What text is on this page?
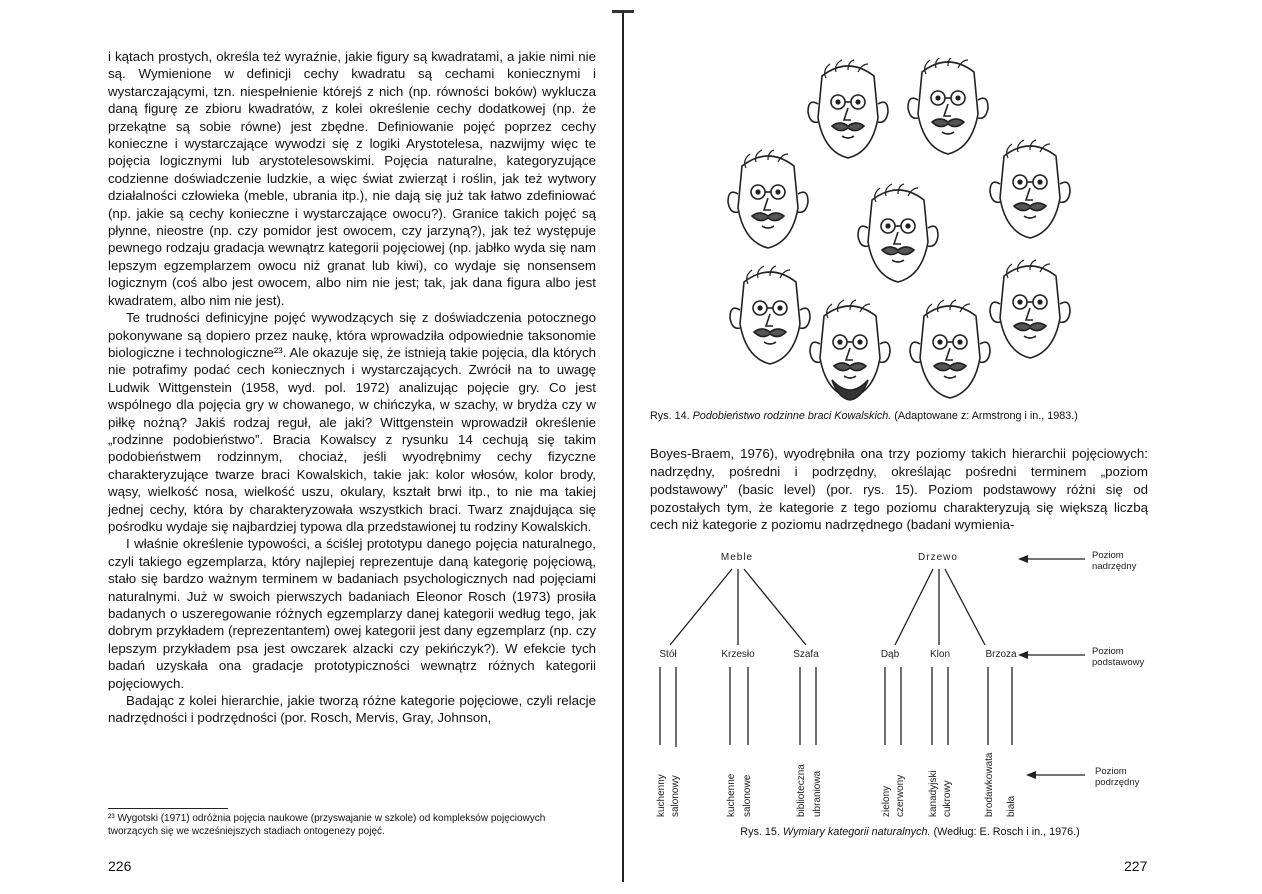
i kątach prostych, określa też wyraźnie, jakie figury są kwadratami, a jakie nimi nie są. Wymienione w definicji cechy kwadratu są cechami koniecznymi i wystarczającymi, tzn. niespełnienie którejś z nich (np. równości boków) wyklucza daną figurę ze zbioru kwadratów, z kolei określenie cechy dodatkowej (np. że przekątne są sobie równe) jest zbędne. Definiowanie pojęć poprzez cechy konieczne i wystarczające wywodzi się z logiki Arystotelesa, nazwijmy więc te pojęcia logicznymi lub arystotelesowskimi. Pojęcia naturalne, kategoryzujące codzienne doświadczenie ludzkie, a więc świat zwierząt i roślin, jak też wytwory działalności człowieka (meble, ubrania itp.), nie dają się już tak łatwo zdefiniować (np. jakie są cechy konieczne i wystarczające owocu?). Granice takich pojęć są płynne, nieostre (np. czy pomidor jest owocem, czy jarzyną?), jak też występuje pewnego rodzaju gradacja wewnątrz kategorii pojęciowej (np. jabłko wyda się nam lepszym egzemplarzem owocu niż granat lub kiwi), co wydaje się nonsensem logicznym (coś albo jest owocem, albo nim nie jest; tak, jak dana figura albo jest kwadratem, albo nim nie jest).

Te trudności definicyjne pojęć wywodzących się z doświadczenia potocznego pokonywane są dopiero przez naukę, która wprowadziła odpowiednie taksonomie biologiczne i technologiczne²³. Ale okazuje się, że istnieją takie pojęcia, dla których nie potrafimy podać cech koniecznych i wystarczających. Zwrócił na to uwagę Ludwik Wittgenstein (1958, wyd. pol. 1972) analizując pojęcie gry. Co jest wspólnego dla pojęcia gry w chowanego, w chińczyka, w szachy, w brydża czy w piłkę nożną? Jakiś rodzaj reguł, ale jaki? Wittgenstein wprowadził określenie „rodzinne podobieństwo”. Bracia Kowalscy z rysunku 14 cechują się takim podobieństwem rodzinnym, chociaż, jeśli wyodrębnimy cechy fizyczne charakteryzujące twarze braci Kowalskich, takie jak: kolor włosów, kolor brody, wąsy, wielkość nosa, wielkość uszu, okulary, kształt brwi itp., to nie ma takiej jednej cechy, która by charakteryzowała wszystkich braci. Twarz znajdująca się pośrodku wydaje się najbardziej typowa dla przedstawionej tu rodziny Kowalskich.

I właśnie określenie typowości, a ściślej prototypu danego pojęcia naturalnego, czyli takiego egzemplarza, który najlepiej reprezentuje daną kategorię pojęciową, stało się bardzo ważnym terminem w badaniach psychologicznych nad pojęciami naturalnymi. Już w swoich pierwszych badaniach Eleonor Rosch (1973) prosiła badanych o uszeregowanie różnych egzemplarzy danej kategorii według tego, jak dobrym przykładem (reprezentantem) owej kategorii jest dany egzemplarz (np. czy lepszym przykładem psa jest owczarek alzacki czy pekińczyk?). W efekcie tych badań uzyskała ona gradacje prototypiczności wewnątrz różnych kategorii pojęciowych.

Badając z kolei hierarchie, jakie tworzą różne kategorie pojęciowe, czyli relacje nadrzędności i podrzędności (por. Rosch, Mervis, Gray, Johnson,

²³ Wygotski (1971) odróżnia pojęcia naukowe (przyswajanie w szkole) od kompleksów pojęciowych tworzących się we wcześniejszych stadiach ontogenezy pojęć.
226
Rys. 14. Podobieństwo rodzinne braci Kowalskich. (Adaptowane z: Armstrong i in., 1983.)

Boyes-Braem, 1976), wyodrębniła ona trzy poziomy takich hierarchii pojęciowych: nadrzędny, pośredni i podrzędny, określając pośredni terminem „poziom podstawowy” (basic level) (por. rys. 15). Poziom podstawowy różni się od pozostałych tym, że kategorie z tego poziomu charakteryzują się większą liczbą cech niż kategorie z poziomu nadrzędnego (badani wymienia-

Meble	Drzewo
Stół	Krzesło	Szafa	Dąb	Klon	Brzoza
kuchenny salonowy	kuchenne salonowe	biblioteczna ubraniowa	zielony czerwony kanadyjski cukrowy	brodawkowata biała
Poziom nadrzędny
Poziom podstawowy
Poziom podrzędny
Rys. 15. Wymiary kategorii naturalnych. (Według: E. Rosch i in., 1976.)
227
